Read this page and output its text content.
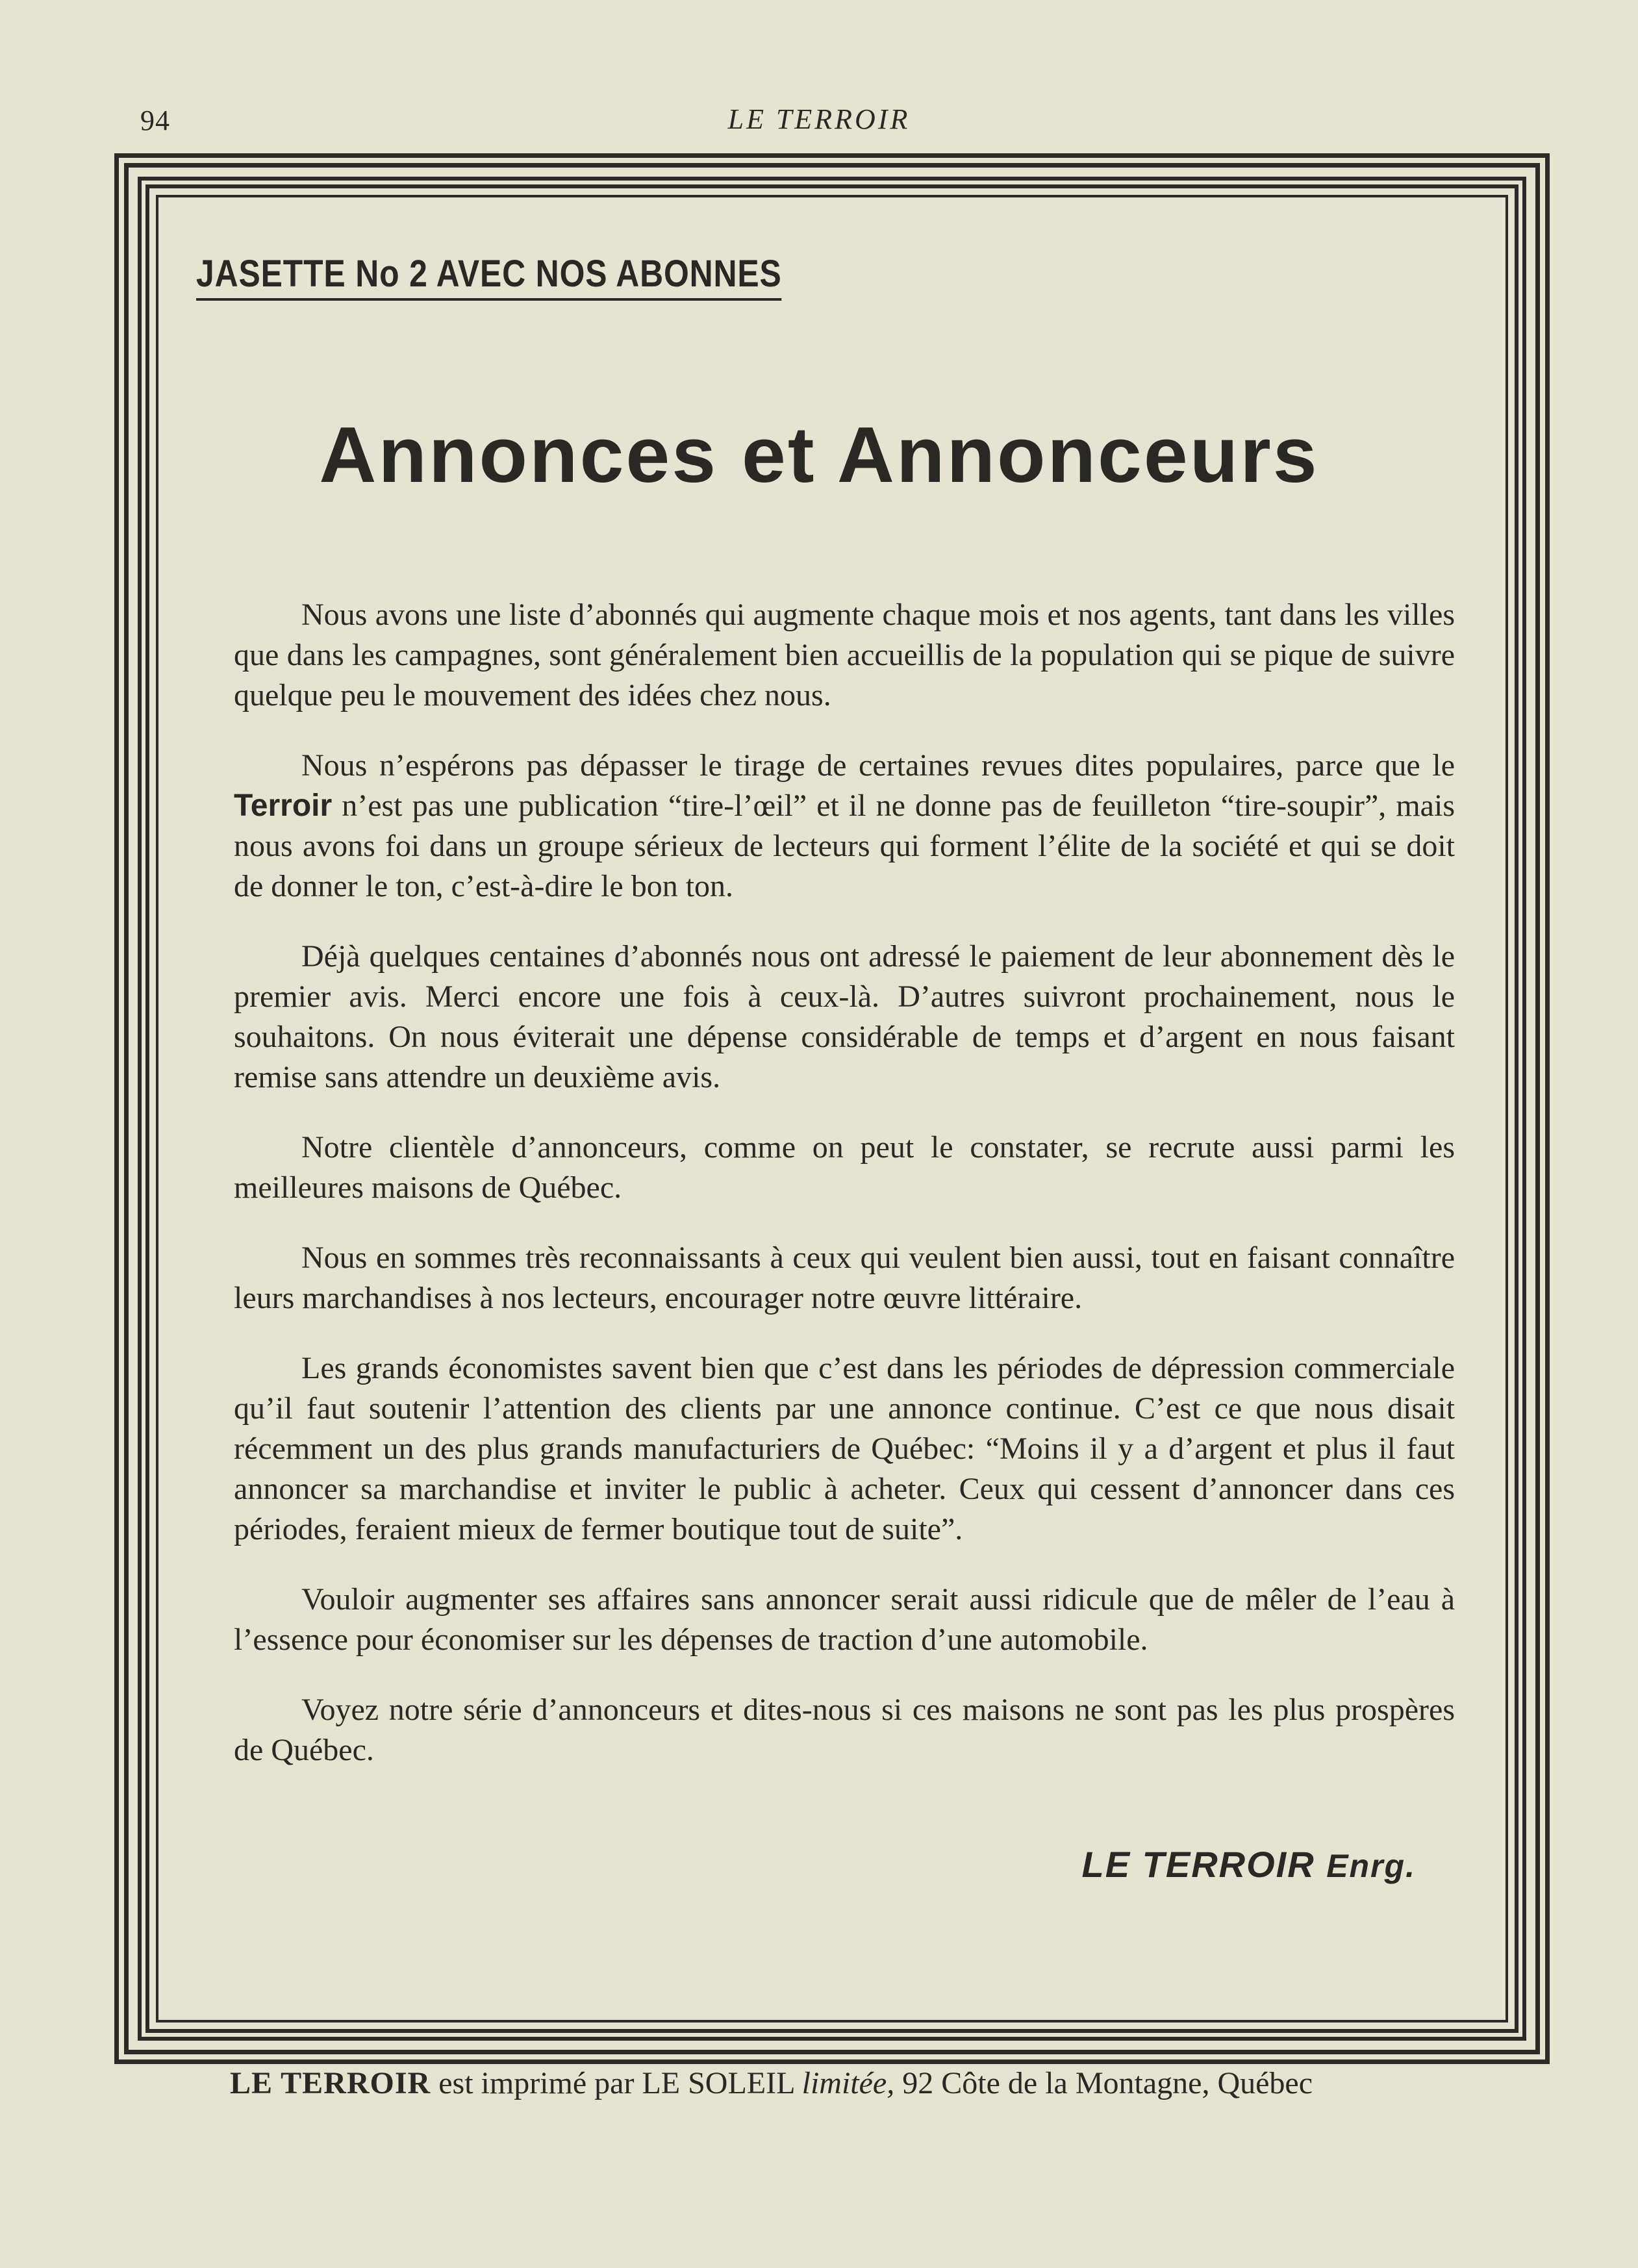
94	LE TERROIR
JASETTE No 2 AVEC NOS ABONNES
Annonces et Annonceurs

Nous avons une liste d’abonnés qui augmente chaque mois et nos agents, tant dans les villes que dans les campagnes, sont généralement bien accueillis de la population qui se pique de suivre quelque peu le mouvement des idées chez nous.

Nous n’espérons pas dépasser le tirage de certaines revues dites populaires, parce que le Terroir n’est pas une publication “tire-l’œil” et il ne donne pas de feuilleton “tire-soupir”, mais nous avons foi dans un groupe sérieux de lecteurs qui forment l’élite de la société et qui se doit de donner le ton, c’est-à-dire le bon ton.

Déjà quelques centaines d’abonnés nous ont adressé le paiement de leur abonnement dès le premier avis. Merci encore une fois à ceux-là. D’autres suivront prochainement, nous le souhaitons. On nous éviterait une dépense considérable de temps et d’argent en nous faisant remise sans attendre un deuxième avis.

Notre clientèle d’annonceurs, comme on peut le constater, se recrute aussi parmi les meilleures maisons de Québec.

Nous en sommes très reconnaissants à ceux qui veulent bien aussi, tout en faisant connaître leurs marchandises à nos lecteurs, encourager notre œuvre littéraire.

Les grands économistes savent bien que c’est dans les périodes de dépression commerciale qu’il faut soutenir l’attention des clients par une annonce continue. C’est ce que nous disait récemment un des plus grands manufacturiers de Québec: “Moins il y a d’argent et plus il faut annoncer sa marchandise et inviter le public à acheter. Ceux qui cessent d’annoncer dans ces périodes, feraient mieux de fermer boutique tout de suite”.

Vouloir augmenter ses affaires sans annoncer serait aussi ridicule que de mêler de l’eau à l’essence pour économiser sur les dépenses de traction d’une automobile.

Voyez notre série d’annonceurs et dites-nous si ces maisons ne sont pas les plus prospères de Québec.

LE TERROIR Enrg.
LE TERROIR est imprimé par LE SOLEIL limitée, 92 Côte de la Montagne, Québec
